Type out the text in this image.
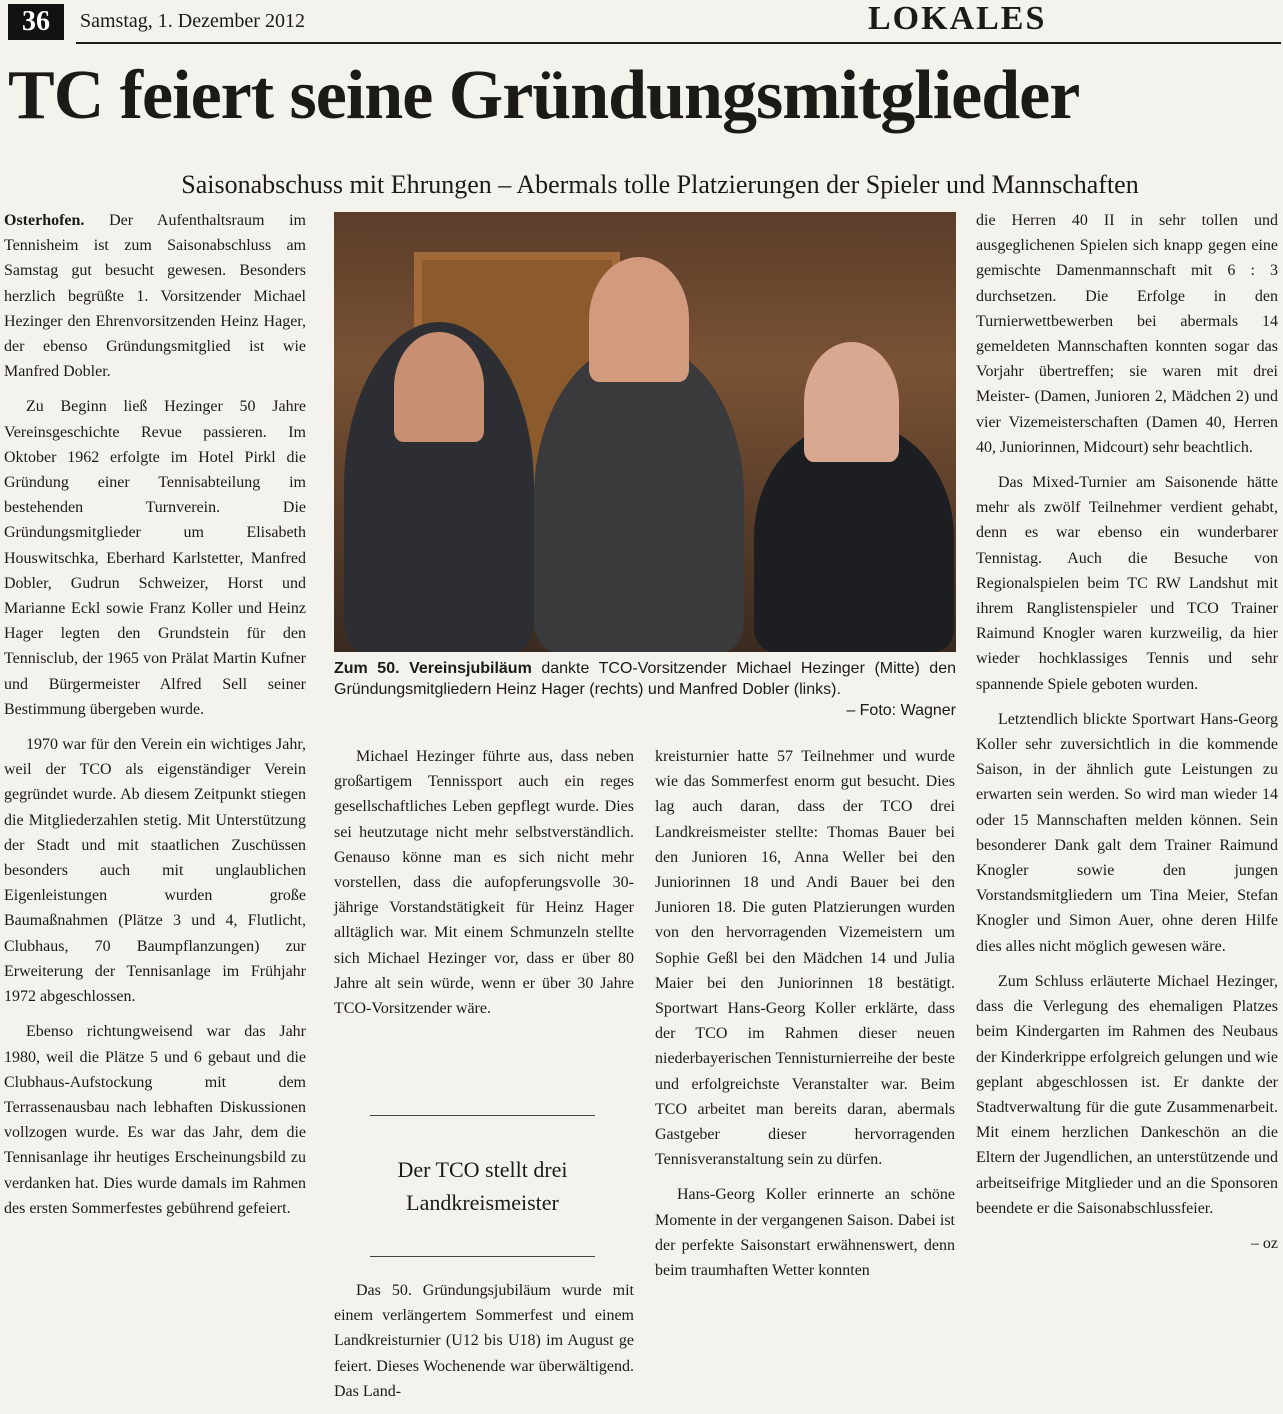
36	Samstag, 1. Dezember 2012	LOKALES
TC feiert seine Gründungsmitglieder
Saisonabschuss mit Ehrungen – Abermals tolle Platzierungen der Spieler und Mannschaften

Osterhofen. Der Aufenthaltsraum im Tennisheim ist zum Saisonabschluss am Samstag gut besucht gewesen. Besonders herzlich begrüßte 1. Vorsitzender Michael Hezinger den Ehrenvorsitzenden Heinz Hager, der ebenso Gründungsmitglied ist wie Manfred Dobler.

Zu Beginn ließ Hezinger 50 Jahre Vereinsgeschichte Revue passieren. Im Oktober 1962 erfolgte im Hotel Pirkl die Gründung einer Tennisabteilung im bestehenden Turnverein. Die Gründungsmitglieder um Elisabeth Houswitschka, Eberhard Karlstetter, Manfred Dobler, Gudrun Schweizer, Horst und Marianne Eckl sowie Franz Koller und Heinz Hager legten den Grundstein für den Tennisclub, der 1965 von Prälat Martin Kufner und Bürgermeister Alfred Sell seiner Bestimmung übergeben wurde.

1970 war für den Verein ein wichtiges Jahr, weil der TCO als eigenständiger Verein gegründet wurde. Ab diesem Zeitpunkt stiegen die Mitgliederzahlen stetig. Mit Unterstützung der Stadt und mit staatlichen Zuschüssen besonders auch mit unglaublichen Eigenleistungen wurden große Baumaßnahmen (Plätze 3 und 4, Flutlicht, Clubhaus, 70 Baumpflanzungen) zur Erweiterung der Tennisanlage im Frühjahr 1972 abgeschlossen.

Ebenso richtungweisend war das Jahr 1980, weil die Plätze 5 und 6 gebaut und die Clubhaus-Aufstockung mit dem Terrassenausbau nach lebhaften Diskussionen vollzogen wurde. Es war das Jahr, dem die Tennisanlage ihr heutiges Erscheinungsbild zu verdanken hat. Dies wurde damals im Rahmen des ersten Sommerfestes gebührend gefeiert.

Zum 50. Vereinsjubiläum dankte TCO-Vorsitzender Michael Hezinger (Mitte) den Gründungsmitgliedern Heinz Hager (rechts) und Manfred Dobler (links).
– Foto: Wagner

Michael Hezinger führte aus, dass neben großartigem Tennissport auch ein reges gesellschaftliches Leben gepflegt wurde. Dies sei heutzutage nicht mehr selbstverständlich. Genauso könne man es sich nicht mehr vorstellen, dass die aufopferungsvolle 30-jährige Vorstandstätigkeit für Heinz Hager alltäglich war. Mit einem Schmunzeln stellte sich Michael Hezinger vor, dass er über 80 Jahre alt sein würde, wenn er über 30 Jahre TCO-Vorsitzender wäre.

Der TCO stellt drei Landkreismeister

Das 50. Gründungsjubiläum wurde mit einem verlängertem Sommerfest und einem Landkreisturnier (U12 bis U18) im August ge feiert. Dieses Wochenende war überwältigend. Das Land-

kreisturnier hatte 57 Teilnehmer und wurde wie das Sommerfest enorm gut besucht. Dies lag auch daran, dass der TCO drei Landkreismeister stellte: Thomas Bauer bei den Junioren 16, Anna Weller bei den Juniorinnen 18 und Andi Bauer bei den Junioren 18. Die guten Platzierungen wurden von den hervorragenden Vizemeistern um Sophie Geßl bei den Mädchen 14 und Julia Maier bei den Juniorinnen 18 bestätigt. Sportwart Hans-Georg Koller erklärte, dass der TCO im Rahmen dieser neuen niederbayerischen Tennisturnierreihe der beste und erfolgreichste Veranstalter war. Beim TCO arbeitet man bereits daran, abermals Gastgeber dieser hervorragenden Tennisveranstaltung sein zu dürfen.

Hans-Georg Koller erinnerte an schöne Momente in der vergangenen Saison. Dabei ist der perfekte Saisonstart erwähnenswert, denn beim traumhaften Wetter konnten

die Herren 40 II in sehr tollen und ausgeglichenen Spielen sich knapp gegen eine gemischte Damenmannschaft mit 6 : 3 durchsetzen. Die Erfolge in den Turnierwettbewerben bei abermals 14 gemeldeten Mannschaften konnten sogar das Vorjahr übertreffen; sie waren mit drei Meister- (Damen, Junioren 2, Mädchen 2) und vier Vizemeisterschaften (Damen 40, Herren 40, Juniorinnen, Midcourt) sehr beachtlich.

Das Mixed-Turnier am Saisonende hätte mehr als zwölf Teilnehmer verdient gehabt, denn es war ebenso ein wunderbarer Tennistag. Auch die Besuche von Regionalspielen beim TC RW Landshut mit ihrem Ranglistenspieler und TCO Trainer Raimund Knogler waren kurzweilig, da hier wieder hochklassiges Tennis und sehr spannende Spiele geboten wurden.

Letztendlich blickte Sportwart Hans-Georg Koller sehr zuversichtlich in die kommende Saison, in der ähnlich gute Leistungen zu erwarten sein werden. So wird man wieder 14 oder 15 Mannschaften melden können. Sein besonderer Dank galt dem Trainer Raimund Knogler sowie den jungen Vorstandsmitgliedern um Tina Meier, Stefan Knogler und Simon Auer, ohne deren Hilfe dies alles nicht möglich gewesen wäre.

Zum Schluss erläuterte Michael Hezinger, dass die Verlegung des ehemaligen Platzes beim Kindergarten im Rahmen des Neubaus der Kinderkrippe erfolgreich gelungen und wie geplant abgeschlossen ist. Er dankte der Stadtverwaltung für die gute Zusammenarbeit. Mit einem herzlichen Dankeschön an die Eltern der Jugendlichen, an unterstützende und arbeitseifrige Mitglieder und an die Sponsoren beendete er die Saisonabschlussfeier.

– oz
